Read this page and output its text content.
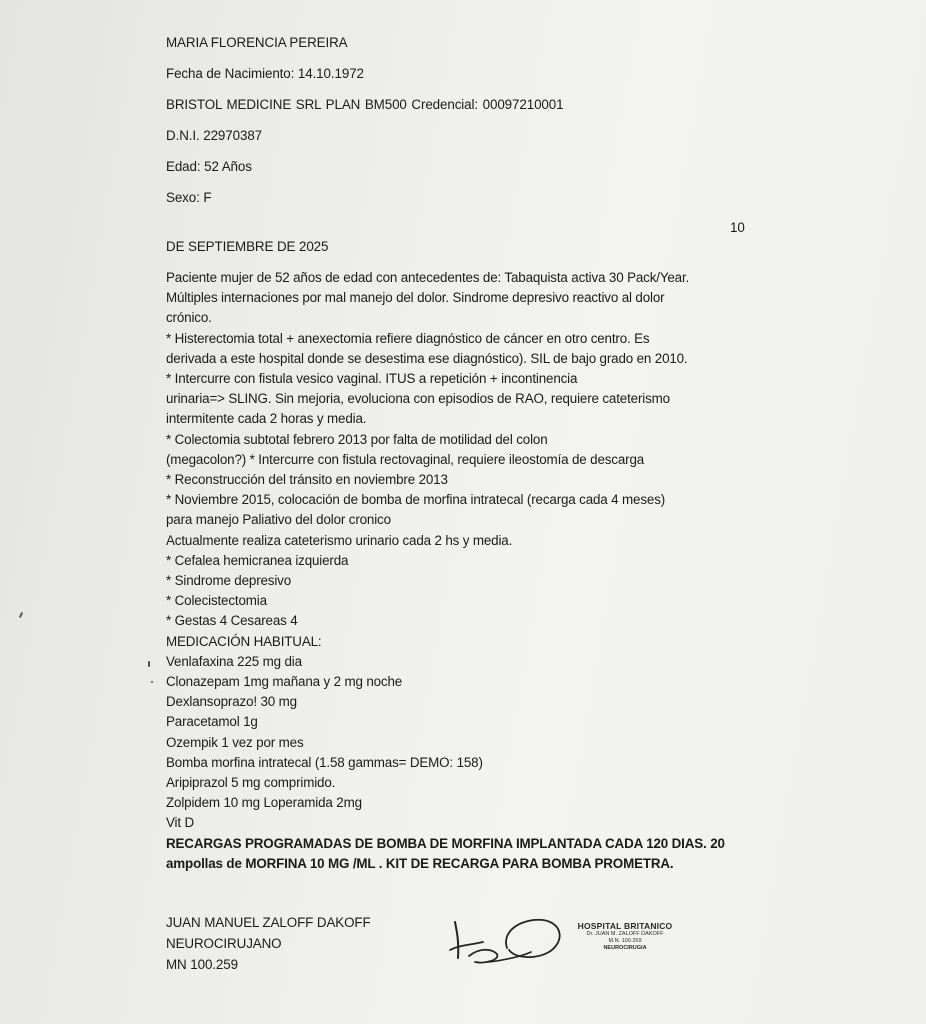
MARIA FLORENCIA PEREIRA
Fecha de Nacimiento: 14.10.1972
BRISTOL MEDICINE SRL PLAN BM500 Credencial: 00097210001
D.N.I. 22970387
Edad: 52 Años
Sexo: F
10
DE SEPTIEMBRE DE 2025
Paciente mujer de 52 años de edad con antecedentes de: Tabaquista activa 30 Pack/Year.
Múltiples internaciones por mal manejo del dolor. Sindrome depresivo reactivo al dolor
crónico.
* Histerectomia total + anexectomia refiere diagnóstico de cáncer en otro centro. Es
derivada a este hospital donde se desestima ese diagnóstico). SIL de bajo grado en 2010.
* Intercurre con fistula vesico vaginal. ITUS a repetición + incontinencia
urinaria=> SLING. Sin mejoria, evoluciona con episodios de RAO, requiere cateterismo
intermitente cada 2 horas y media.
* Colectomia subtotal febrero 2013 por falta de motilidad del colon
(megacolon?) * Intercurre con fistula rectovaginal, requiere ileostomía de descarga
* Reconstrucción del tránsito en noviembre 2013
* Noviembre 2015, colocación de bomba de morfina intratecal (recarga cada 4 meses)
para manejo Paliativo del dolor cronico
Actualmente realiza cateterismo urinario cada 2 hs y media.
* Cefalea hemicranea izquierda
* Sindrome depresivo
* Colecistectomia
* Gestas 4 Cesareas 4
MEDICACIÓN HABITUAL:
Venlafaxina 225 mg dia
Clonazepam 1mg mañana y 2 mg noche
Dexlansoprazo! 30 mg
Paracetamol 1g
Ozempik 1 vez por mes
Bomba morfina intratecal (1.58 gammas= DEMO: 158)
Aripiprazol 5 mg comprimido.
Zolpidem 10 mg Loperamida 2mg
Vit D
RECARGAS PROGRAMADAS DE BOMBA DE MORFINA IMPLANTADA CADA 120 DIAS. 20
ampollas de MORFINA 10 MG /ML . KIT DE RECARGA PARA BOMBA PROMETRA.
JUAN MANUEL ZALOFF DAKOFF
NEUROCIRUJANO
MN 100.259
HOSPITAL BRITANICO
Dr. JUAN M. ZALOFF DAKOFF
M.N. 100.259
NEUROCIRUGIA
